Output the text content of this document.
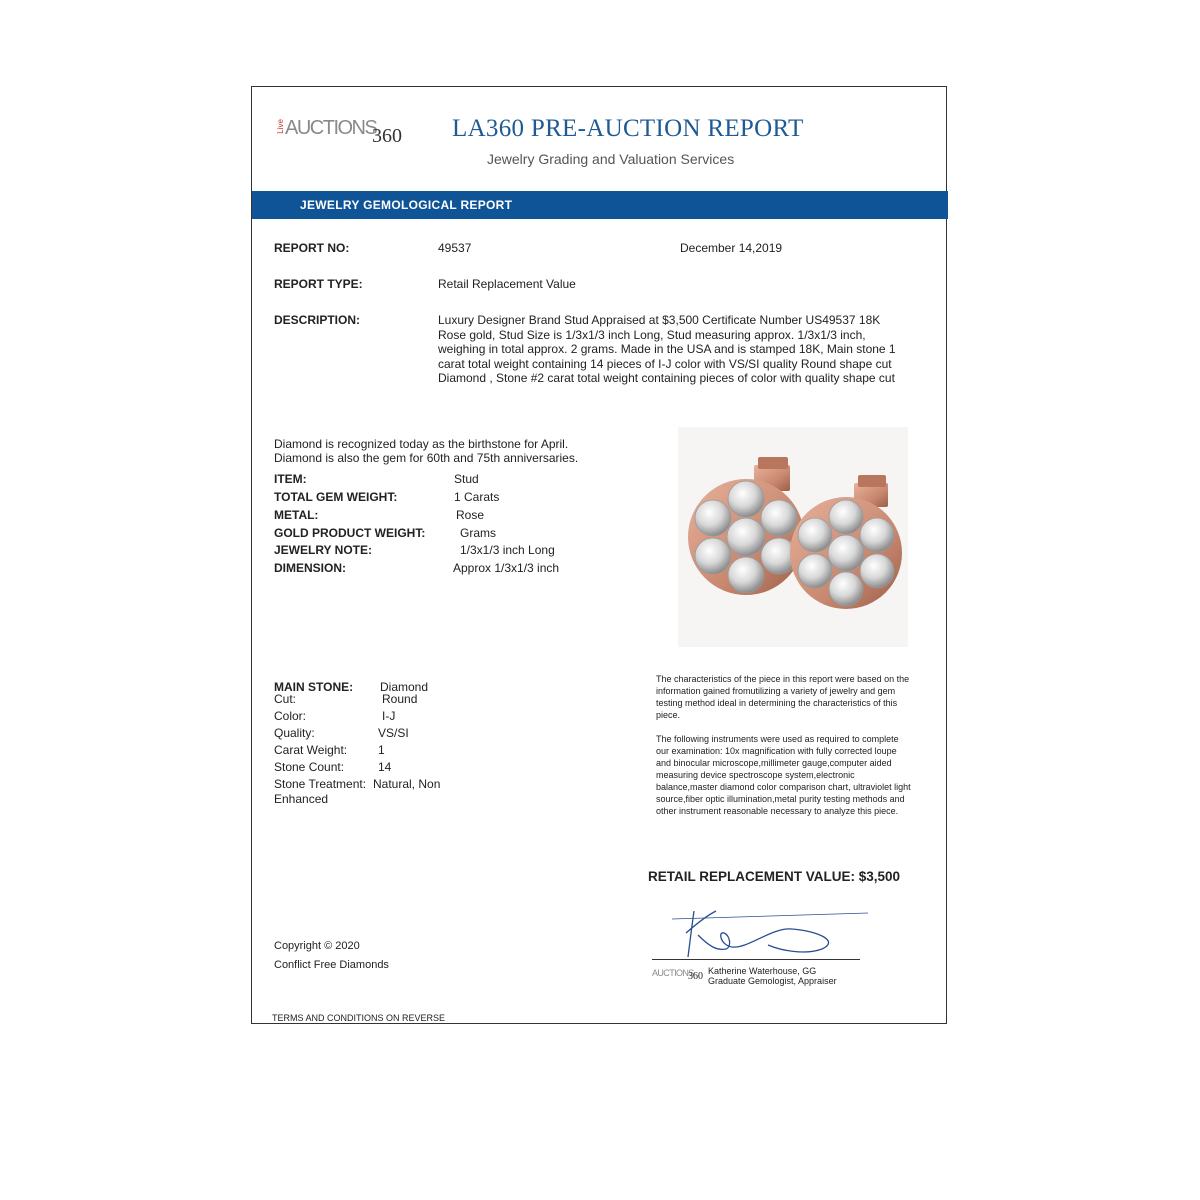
Live AUCTIONS
360 LA360 PRE-AUCTION REPORT
Jewelry Grading and Valuation Services
JEWELRY GEMOLOGICAL REPORT
REPORT NO:	49537	December 14,2019
REPORT TYPE:	Retail Replacement Value
DESCRIPTION:	Luxury Designer Brand Stud Appraised at $3,500 Certificate Number US49537 18K Rose gold, Stud Size is 1/3x1/3 inch Long, Stud measuring approx. 1/3x1/3 inch, weighing in total approx. 2 grams. Made in the USA and is stamped 18K, Main stone 1 carat total weight containing 14 pieces of I-J color with VS/SI quality Round shape cut Diamond , Stone #2 carat total weight containing pieces of color with quality shape cut
Diamond is recognized today as the birthstone for April.
Diamond is also the gem for 60th and 75th anniversaries.
ITEM:	Stud
TOTAL GEM WEIGHT:	1 Carats
METAL:	Rose
GOLD PRODUCT WEIGHT:	Grams
JEWELRY NOTE:	1/3x1/3 inch Long
DIMENSION:	Approx 1/3x1/3 inch
MAIN STONE: Diamond
Cut:	Round
Color:	I-J
Quality:	VS/SI
Carat Weight:	1
Stone Count:	14
Stone Treatment: Natural, Non
Enhanced
The characteristics of the piece in this report were based on the information gained fromutilizing a variety of jewelry and gem testing method ideal in determining the characteristics of this piece.
The following instruments were used as required to complete our examination: 10x magnification with fully corrected loupe and binocular microscope,millimeter gauge,computer aided measuring device spectroscope system,electronic balance,master diamond color comparison chart, ultraviolet light source,fiber optic illumination,metal purity testing methods and other instrument reasonable necessary to analyze this piece.
RETAIL REPLACEMENT VALUE: $3,500
AUCTIONS
360 Katherine Waterhouse, GG
Graduate Gemologist, Appraiser
Copyright © 2020
Conflict Free Diamonds
TERMS AND CONDITIONS ON REVERSE
